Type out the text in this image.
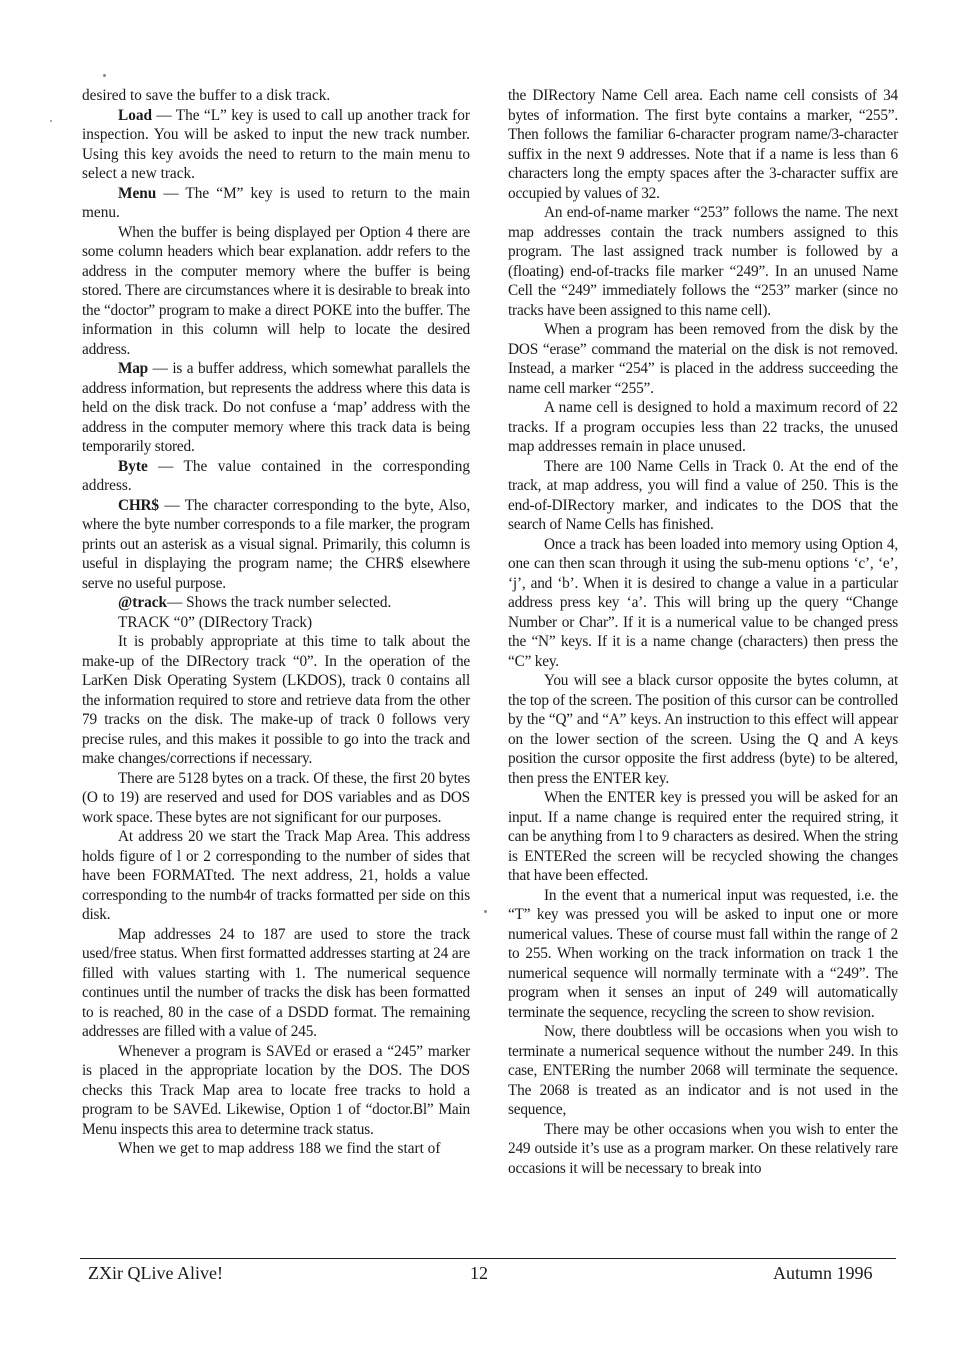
desired to save the buffer to a disk track.

Load — The “L” key is used to call up another track for inspection. You will be asked to input the new track number. Using this key avoids the need to return to the main menu to select a new track.

Menu — The “M” key is used to return to the main menu.

When the buffer is being displayed per Option 4 there are some column headers which bear explanation. addr refers to the address in the computer memory where the buffer is being stored. There are circumstances where it is desirable to break into the “doctor” program to make a direct POKE into the buffer. The information in this column will help to locate the desired address.

Map — is a buffer address, which somewhat parallels the address information, but represents the address where this data is held on the disk track. Do not confuse a ‘map’ address with the address in the computer memory where this track data is being temporarily stored.

Byte — The value contained in the corresponding address.

CHR$ — The character corresponding to the byte, Also, where the byte number corresponds to a file marker, the program prints out an asterisk as a visual signal. Primarily, this column is useful in displaying the program name; the CHR$ elsewhere serve no useful purpose.

@track— Shows the track number selected.

TRACK “0” (DIRectory Track)

It is probably appropriate at this time to talk about the make-up of the DIRectory track “0”. In the operation of the LarKen Disk Operating System (LKDOS), track 0 contains all the information required to store and retrieve data from the other 79 tracks on the disk. The make-up of track 0 follows very precise rules, and this makes it possible to go into the track and make changes/corrections if necessary.

There are 5128 bytes on a track. Of these, the first 20 bytes (O to 19) are reserved and used for DOS variables and as DOS work space. These bytes are not significant for our purposes.

At address 20 we start the Track Map Area. This address holds figure of l or 2 corresponding to the number of sides that have been FORMATted. The next address, 21, holds a value corresponding to the numb4r of tracks formatted per side on this disk.

Map addresses 24 to 187 are used to store the track used/free status. When first formatted addresses starting at 24 are filled with values starting with 1. The numerical sequence continues until the number of tracks the disk has been formatted to is reached, 80 in the case of a DSDD format. The remaining addresses are filled with a value of 245.

Whenever a program is SAVEd or erased a “245” marker is placed in the appropriate location by the DOS. The DOS checks this Track Map area to locate free tracks to hold a program to be SAVEd. Likewise, Option 1 of “doctor.Bl” Main Menu inspects this area to determine track status.

When we get to map address 188 we find the start of

the DIRectory Name Cell area. Each name cell consists of 34 bytes of information. The first byte contains a marker, “255”. Then follows the familiar 6-character program name/3-character suffix in the next 9 addresses. Note that if a name is less than 6 characters long the empty spaces after the 3-character suffix are occupied by values of 32.

An end-of-name marker “253” follows the name. The next map addresses contain the track numbers assigned to this program. The last assigned track number is followed by a (floating) end-of-tracks file marker “249”. In an unused Name Cell the “249” immediately follows the “253” marker (since no tracks have been assigned to this name cell).

When a program has been removed from the disk by the DOS “erase” command the material on the disk is not removed. Instead, a marker “254” is placed in the address succeeding the name cell marker “255”.

A name cell is designed to hold a maximum record of 22 tracks. If a program occupies less than 22 tracks, the unused map addresses remain in place unused.

There are 100 Name Cells in Track 0. At the end of the track, at map address, you will find a value of 250. This is the end-of-DIRectory marker, and indicates to the DOS that the search of Name Cells has finished.

Once a track has been loaded into memory using Option 4, one can then scan through it using the sub-menu options ‘c’, ‘e’, ‘j’, and ‘b’. When it is desired to change a value in a particular address press key ‘a’. This will bring up the query “Change Number or Char”. If it is a numerical value to be changed press the “N” keys. If it is a name change (characters) then press the “C” key.

You will see a black cursor opposite the bytes column, at the top of the screen. The position of this cursor can be controlled by the “Q” and “A” keys. An instruction to this effect will appear on the lower section of the screen. Using the Q and A keys position the cursor opposite the first address (byte) to be altered, then press the ENTER key.

When the ENTER key is pressed you will be asked for an input. If a name change is required enter the required string, it can be anything from l to 9 characters as desired. When the string is ENTERed the screen will be recycled showing the changes that have been effected.

In the event that a numerical input was requested, i.e. the “T” key was pressed you will be asked to input one or more numerical values. These of course must fall within the range of 2 to 255. When working on the track information on track 1 the numerical sequence will normally terminate with a “249”. The program when it senses an input of 249 will automatically terminate the sequence, recycling the screen to show revision.

Now, there doubtless will be occasions when you wish to terminate a numerical sequence without the number 249. In this case, ENTERing the number 2068 will terminate the sequence. The 2068 is treated as an indicator and is not used in the sequence,

There may be other occasions when you wish to enter the 249 outside it’s use as a program marker. On these relatively rare occasions it will be necessary to break into

ZXir QLive Alive!	12	Autumn 1996
